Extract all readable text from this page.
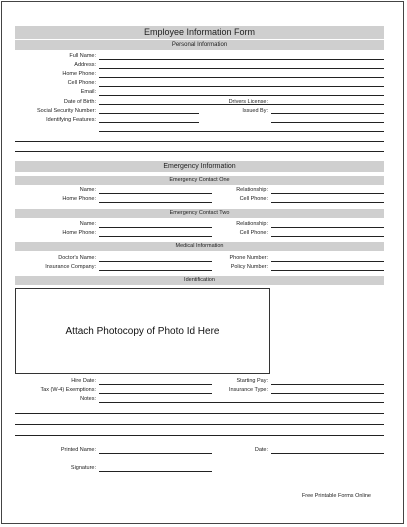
Employee Information Form
Personal Information
Full Name:
Address:
Home Phone:
Cell Phone:
Email:
Date of Birth:	Drivers License:
Social Security Number:	Issued By:
Identifying Features:
Emergency Information
Emergency Contact One
Name:	Relationship:
Home Phone:	Cell Phone:
Emergency Contact Two
Name:	Relationship:
Home Phone:	Cell Phone:
Medical Information
Doctor's Name:	Phone Number:
Insurance Company:	Policy Number:
Identification
Attach Photocopy of Photo Id Here
Hire Date:	Starting Pay:
Tax (W-4) Exemptions:	Insurance Type:
Notes:
Printed Name:	Date:
Signature:
Free Printable Forms Online
